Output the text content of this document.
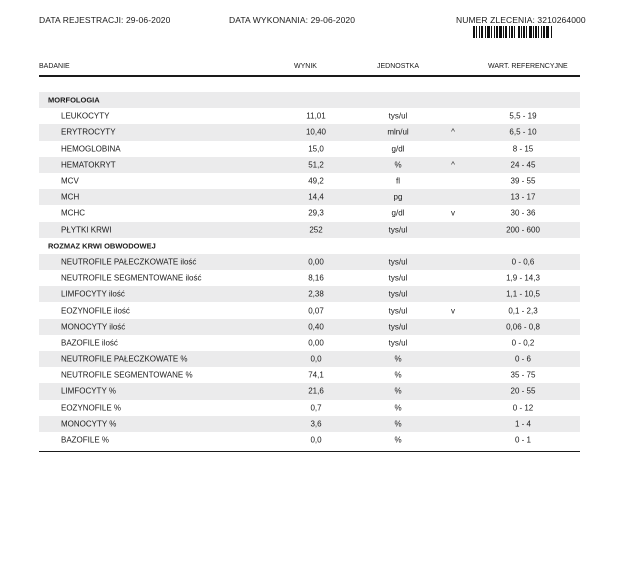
DATA REJESTRACJI: 29-06-2020	DATA WYKONANIA: 29-06-2020	NUMER ZLECENIA: 3210264000
BADANIE	WYNIK	JEDNOSTKA	WART. REFERENCYJNE
MORFOLOGIA
LEUKOCYTY	11,01	tys/ul	5,5 - 19
ERYTROCYTY	10,40	mln/ul	^	6,5 - 10
HEMOGLOBINA	15,0	g/dl	8 - 15
HEMATOKRYT	51,2	%	^	24 - 45
MCV	49,2	fl	39 - 55
MCH	14,4	pg	13 - 17
MCHC	29,3	g/dl	v	30 - 36
PŁYTKI KRWI	252	tys/ul	200 - 600
ROZMAZ KRWI OBWODOWEJ
NEUTROFILE PAŁECZKOWATE ilość	0,00	tys/ul	0 - 0,6
NEUTROFILE SEGMENTOWANE ilość	8,16	tys/ul	1,9 - 14,3
LIMFOCYTY ilość	2,38	tys/ul	1,1 - 10,5
EOZYNOFILE ilość	0,07	tys/ul	v	0,1 - 2,3
MONOCYTY ilość	0,40	tys/ul	0,06 - 0,8
BAZOFILE ilość	0,00	tys/ul	0 - 0,2
NEUTROFILE PAŁECZKOWATE %	0,0	%	0 - 6
NEUTROFILE SEGMENTOWANE %	74,1	%	35 - 75
LIMFOCYTY %	21,6	%	20 - 55
EOZYNOFILE %	0,7	%	0 - 12
MONOCYTY %	3,6	%	1 - 4
BAZOFILE %	0,0	%	0 - 1
